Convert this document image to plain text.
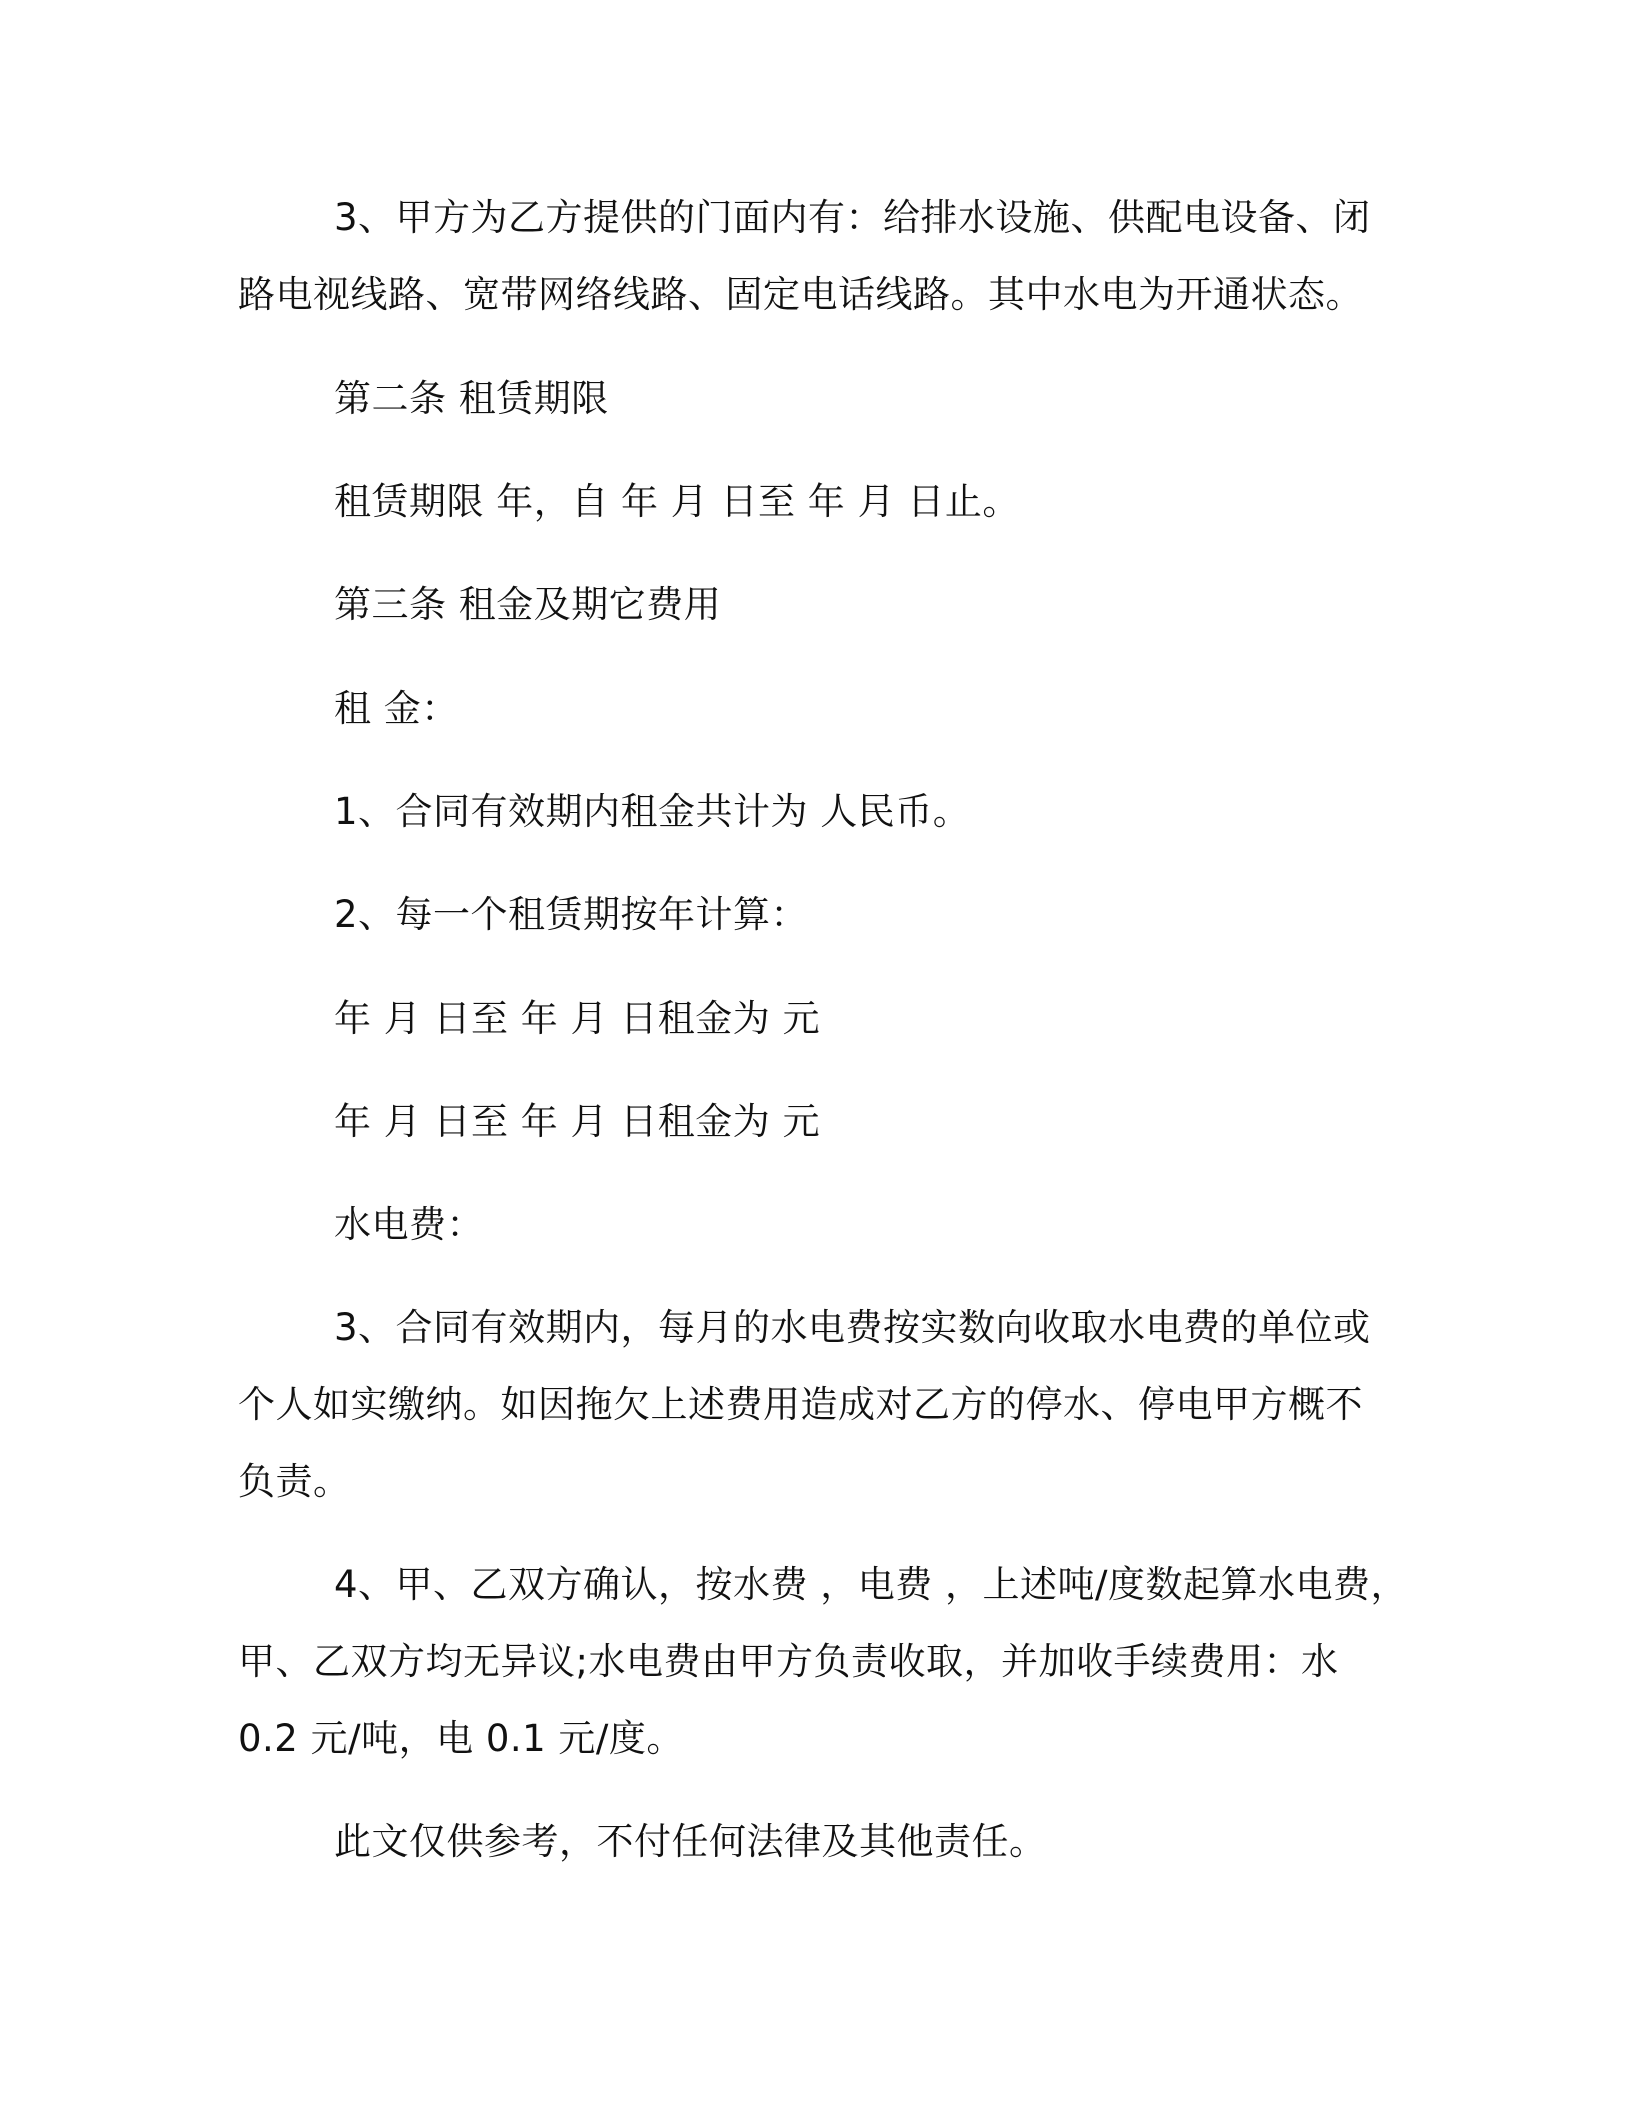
3、甲方为乙方提供的门面内有：给排水设施、供配电设备、闭
路电视线路、宽带网络线路、固定电话线路。其中水电为开通状态。
第二条 租赁期限
租赁期限 年，自 年 月 日至 年 月 日止。
第三条 租金及期它费用
租 金：
1、合同有效期内租金共计为 人民币。
2、每一个租赁期按年计算：
年 月 日至 年 月 日租金为 元
年 月 日至 年 月 日租金为 元
水电费：
3、合同有效期内，每月的水电费按实数向收取水电费的单位或
个人如实缴纳。如因拖欠上述费用造成对乙方的停水、停电甲方概不
负责。
4、甲、乙双方确认，按水费 ，电费 ，上述吨/度数起算水电费，
甲、乙双方均无异议;水电费由甲方负责收取，并加收手续费用：水
0.2 元/吨，电 0.1 元/度。
此文仅供参考，不付任何法律及其他责任。
